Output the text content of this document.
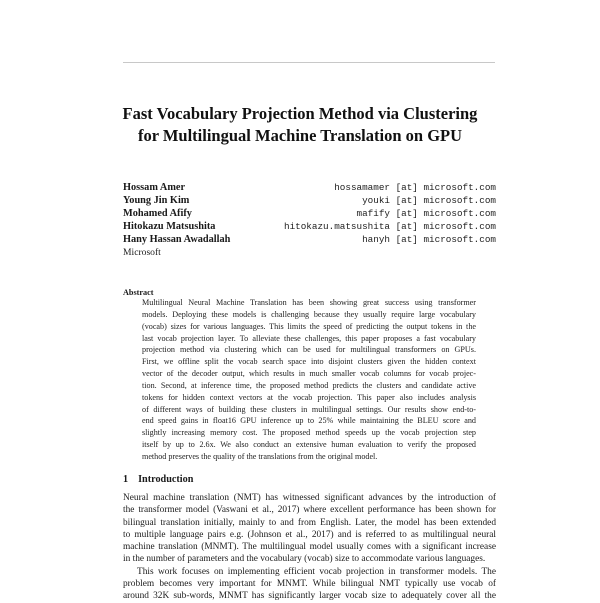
Fast Vocabulary Projection Method via Clustering
for Multilingual Machine Translation on GPU
Hossam Amer	hossamamer [at] microsoft.com
Young Jin Kim	youki [at] microsoft.com
Mohamed Afify	mafify [at] microsoft.com
Hitokazu Matsushita	hitokazu.matsushita [at] microsoft.com
Hany Hassan Awadallah	hanyh [at] microsoft.com
Microsoft
Abstract
Multilingual Neural Machine Translation has been showing great success using transformer
models. Deploying these models is challenging because they usually require large vocabulary
(vocab) sizes for various languages. This limits the speed of predicting the output tokens in the
last vocab projection layer. To alleviate these challenges, this paper proposes a fast vocabulary
projection method via clustering which can be used for multilingual transformers on GPUs.
First, we offline split the vocab search space into disjoint clusters given the hidden context
vector of the decoder output, which results in much smaller vocab columns for vocab projec-
tion. Second, at inference time, the proposed method predicts the clusters and candidate active
tokens for hidden context vectors at the vocab projection. This paper also includes analysis
of different ways of building these clusters in multilingual settings. Our results show end-to-
end speed gains in float16 GPU inference up to 25% while maintaining the BLEU score and
slightly increasing memory cost. The proposed method speeds up the vocab projection step
itself by up to 2.6x. We also conduct an extensive human evaluation to verify the proposed
method preserves the quality of the translations from the original model.
1 Introduction
Neural machine translation (NMT) has witnessed significant advances by the introduction of
the transformer model (Vaswani et al., 2017) where excellent performance has been shown for
bilingual translation initially, mainly to and from English. Later, the model has been extended
to multiple language pairs e.g. (Johnson et al., 2017) and is referred to as multilingual neural
machine translation (MNMT). The multilingual model usually comes with a significant increase
in the number of parameters and the vocabulary (vocab) size to accommodate various languages.
This work focuses on implementing efficient vocab projection in transformer models. The
problem becomes very important for MNMT. While bilingual NMT typically use vocab of
around 32K sub-words, MNMT has significantly larger vocab size to adequately cover all the
